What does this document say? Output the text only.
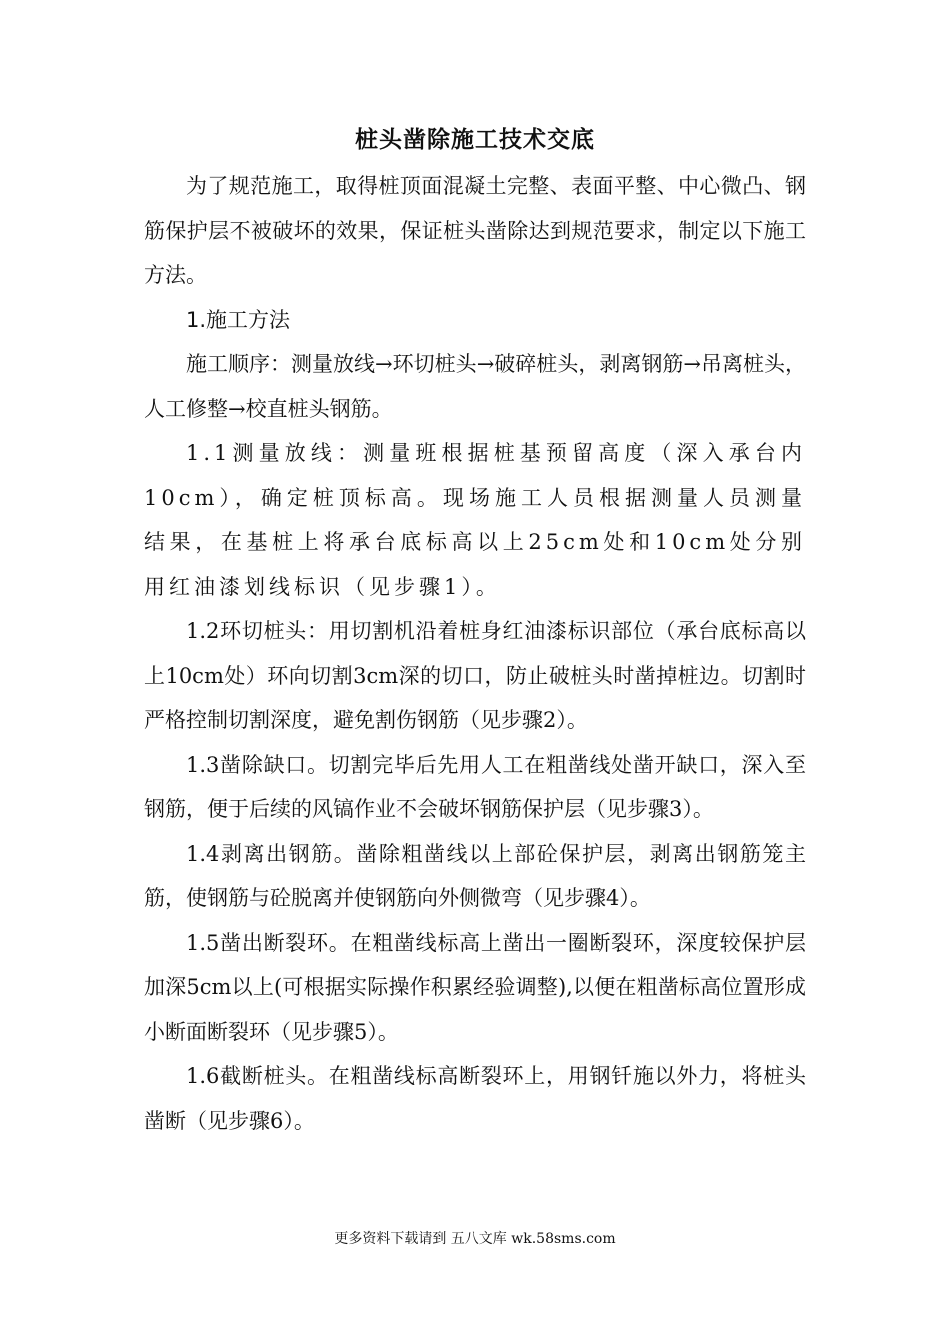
桩头凿除施工技术交底

为了规范施工，取得桩顶面混凝土完整、表面平整、中心微凸、钢筋保护层不被破坏的效果，保证桩头凿除达到规范要求，制定以下施工方法。

1.施工方法

施工顺序：测量放线→环切桩头→破碎桩头，剥离钢筋→吊离桩头，人工修整→校直桩头钢筋。

1.1测量放线：测量班根据桩基预留高度（深入承台内10cm），确定桩顶标高。现场施工人员根据测量人员测量结果，在基桩上将承台底标高以上25cm处和10cm处分别用红油漆划线标识（见步骤1）。

1.2环切桩头：用切割机沿着桩身红油漆标识部位（承台底标高以上10cm处）环向切割3cm深的切口，防止破桩头时凿掉桩边。切割时严格控制切割深度，避免割伤钢筋（见步骤2）。

1.3凿除缺口。切割完毕后先用人工在粗凿线处凿开缺口，深入至钢筋，便于后续的风镐作业不会破坏钢筋保护层（见步骤3）。

1.4剥离出钢筋。凿除粗凿线以上部砼保护层，剥离出钢筋笼主筋，使钢筋与砼脱离并使钢筋向外侧微弯（见步骤4）。

1.5凿出断裂环。在粗凿线标高上凿出一圈断裂环，深度较保护层加深5cm以上(可根据实际操作积累经验调整),以便在粗凿标高位置形成小断面断裂环（见步骤5）。

1.6截断桩头。在粗凿线标高断裂环上，用钢钎施以外力，将桩头凿断（见步骤6）。

更多资料下载请到 五八文库 wk.58sms.com
